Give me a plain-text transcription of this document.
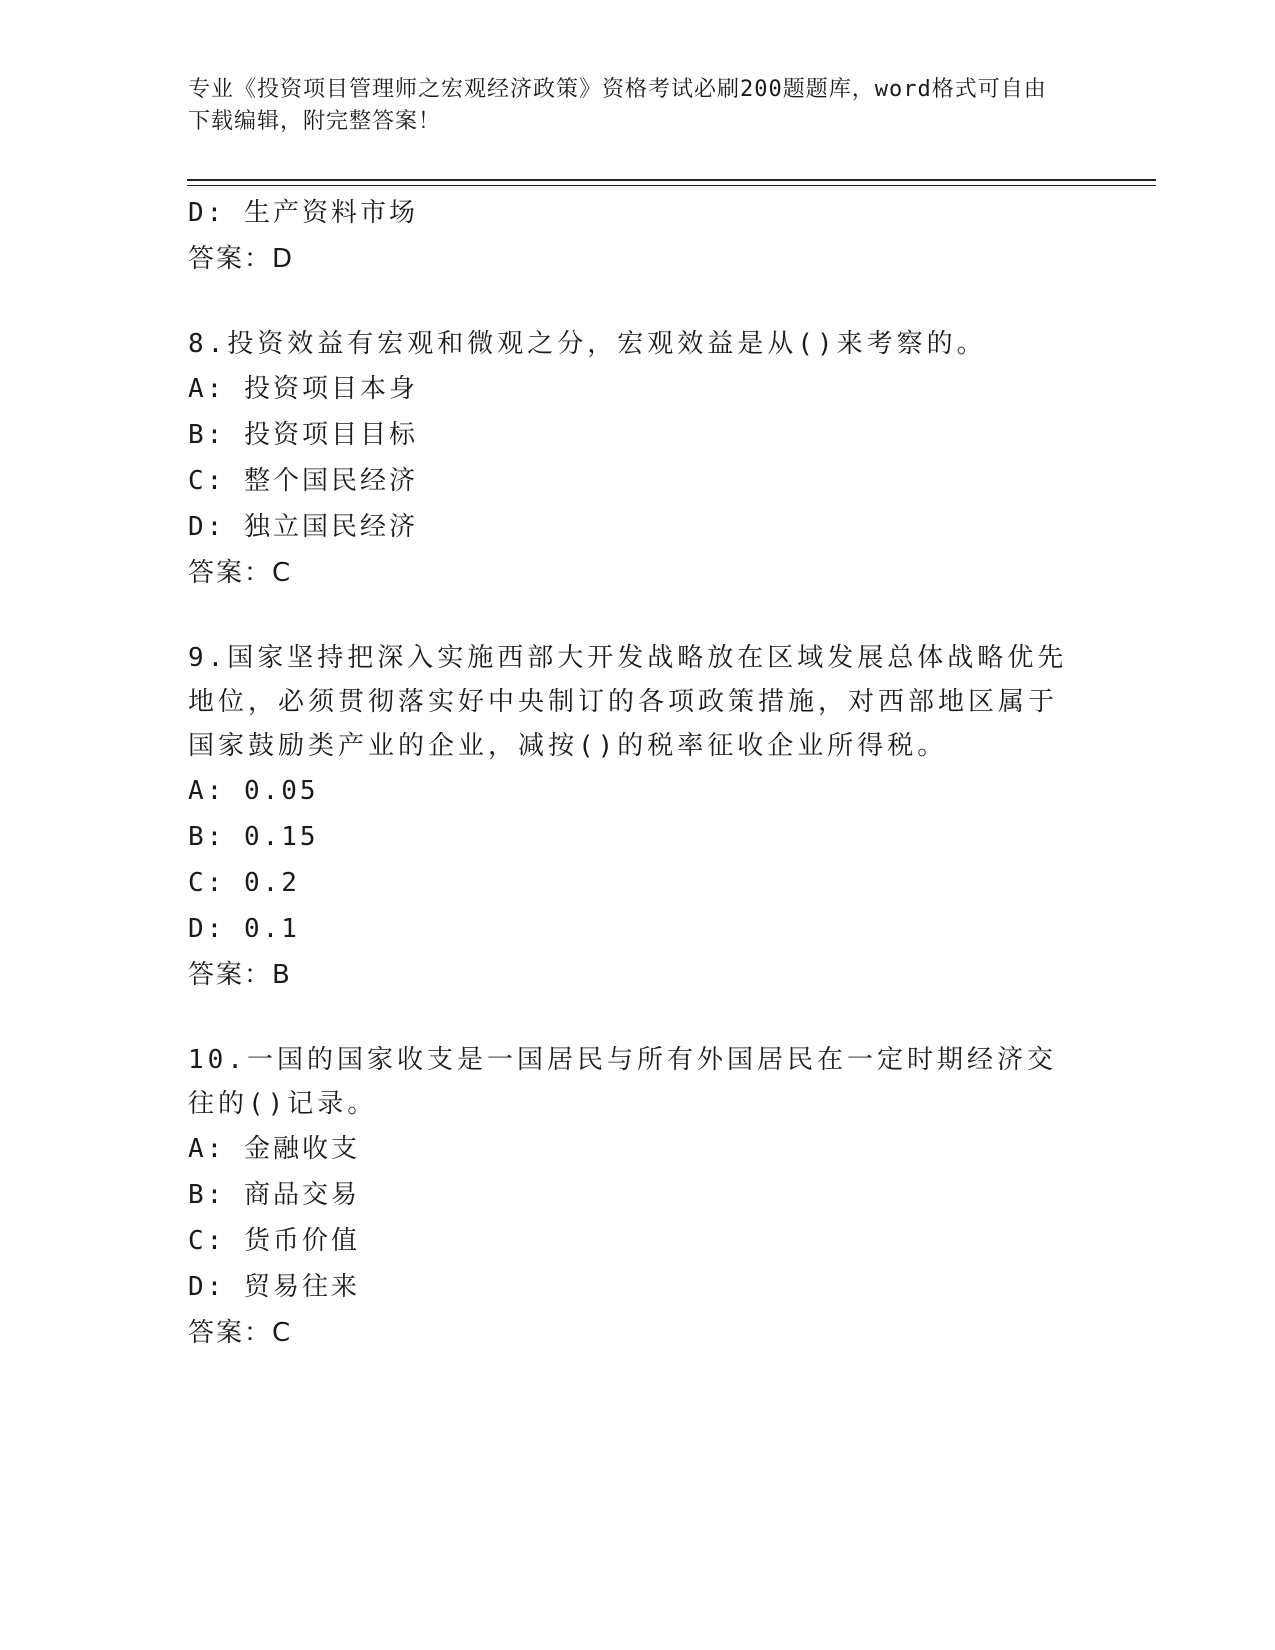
专业《投资项目管理师之宏观经济政策》资格考试必刷200题题库，word格式可自由下载编辑，附完整答案！
D: 生产资料市场
答案：D
8.投资效益有宏观和微观之分，宏观效益是从()来考察的。
A: 投资项目本身
B: 投资项目目标
C: 整个国民经济
D: 独立国民经济
答案：C
9.国家坚持把深入实施西部大开发战略放在区域发展总体战略优先地位，必须贯彻落实好中央制订的各项政策措施，对西部地区属于国家鼓励类产业的企业，减按()的税率征收企业所得税。
A: 0.05
B: 0.15
C: 0.2
D: 0.1
答案：B
10.一国的国家收支是一国居民与所有外国居民在一定时期经济交往的()记录。
A: 金融收支
B: 商品交易
C: 货币价值
D: 贸易往来
答案：C
